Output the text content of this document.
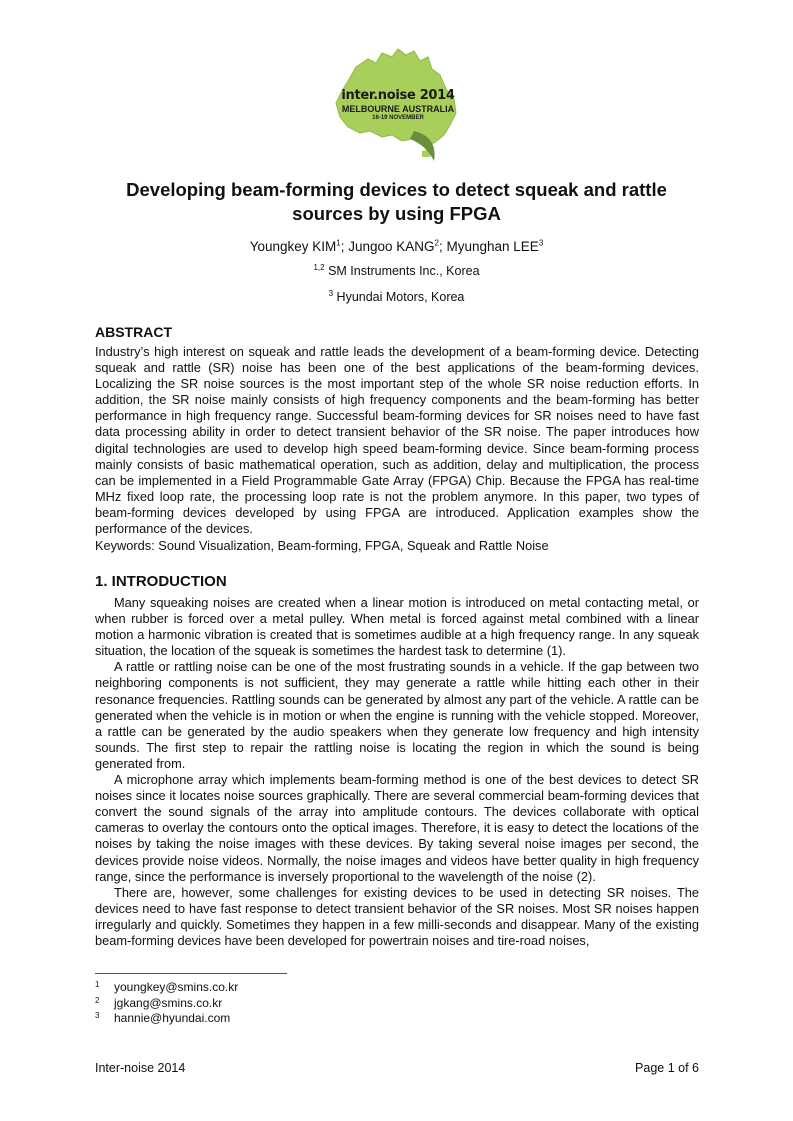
inter.noise 2014
MELBOURNE AUSTRALIA
16-19 NOVEMBER
Developing beam-forming devices to detect squeak and rattle sources by using FPGA
Youngkey KIM$^1$; Jungoo KANG$^2$; Myunghan LEE$^3$
$^{1,2}$ SM Instruments Inc., Korea
$^3$ Hyundai Motors, Korea
ABSTRACT

Industry’s high interest on squeak and rattle leads the development of a beam-forming device. Detecting squeak and rattle (SR) noise has been one of the best applications of the beam-forming devices. Localizing the SR noise sources is the most important step of the whole SR noise reduction efforts. In addition, the SR noise mainly consists of high frequency components and the beam-forming has better performance in high frequency range. Successful beam-forming devices for SR noises need to have fast data processing ability in order to detect transient behavior of the SR noise. The paper introduces how digital technologies are used to develop high speed beam-forming device. Since beam-forming process mainly consists of basic mathematical operation, such as addition, delay and multiplication, the process can be implemented in a Field Programmable Gate Array (FPGA) Chip. Because the FPGA has real-time MHz fixed loop rate, the processing loop rate is not the problem anymore. In this paper, two types of beam-forming devices developed by using FPGA are introduced. Application examples show the performance of the devices.

Keywords: Sound Visualization, Beam-forming, FPGA, Squeak and Rattle Noise
1. INTRODUCTION

Many squeaking noises are created when a linear motion is introduced on metal contacting metal, or when rubber is forced over a metal pulley. When metal is forced against metal combined with a linear motion a harmonic vibration is created that is sometimes audible at a high frequency range. In any squeak situation, the location of the squeak is sometimes the hardest task to determine (1).

A rattle or rattling noise can be one of the most frustrating sounds in a vehicle. If the gap between two neighboring components is not sufficient, they may generate a rattle while hitting each other in their resonance frequencies. Rattling sounds can be generated by almost any part of the vehicle. A rattle can be generated when the vehicle is in motion or when the engine is running with the vehicle stopped. Moreover, a rattle can be generated by the audio speakers when they generate low frequency and high intensity sounds. The first step to repair the rattling noise is locating the region in which the sound is being generated from.

A microphone array which implements beam-forming method is one of the best devices to detect SR noises since it locates noise sources graphically. There are several commercial beam-forming devices that convert the sound signals of the array into amplitude contours. The devices collaborate with optical cameras to overlay the contours onto the optical images. Therefore, it is easy to detect the locations of the noises by taking the noise images with these devices. By taking several noise images per second, the devices provide noise videos. Normally, the noise images and videos have better quality in high frequency range, since the performance is inversely proportional to the wavelength of the noise (2).

There are, however, some challenges for existing devices to be used in detecting SR noises. The devices need to have fast response to detect transient behavior of the SR noises. Most SR noises happen irregularly and quickly. Sometimes they happen in a few milli-seconds and disappear. Many of the existing beam-forming devices have been developed for powertrain noises and tire-road noises,

1 youngkey@smins.co.kr
2 jgkang@smins.co.kr
3 hannie@hyundai.com
Inter-noise 2014	Page 1 of 6
